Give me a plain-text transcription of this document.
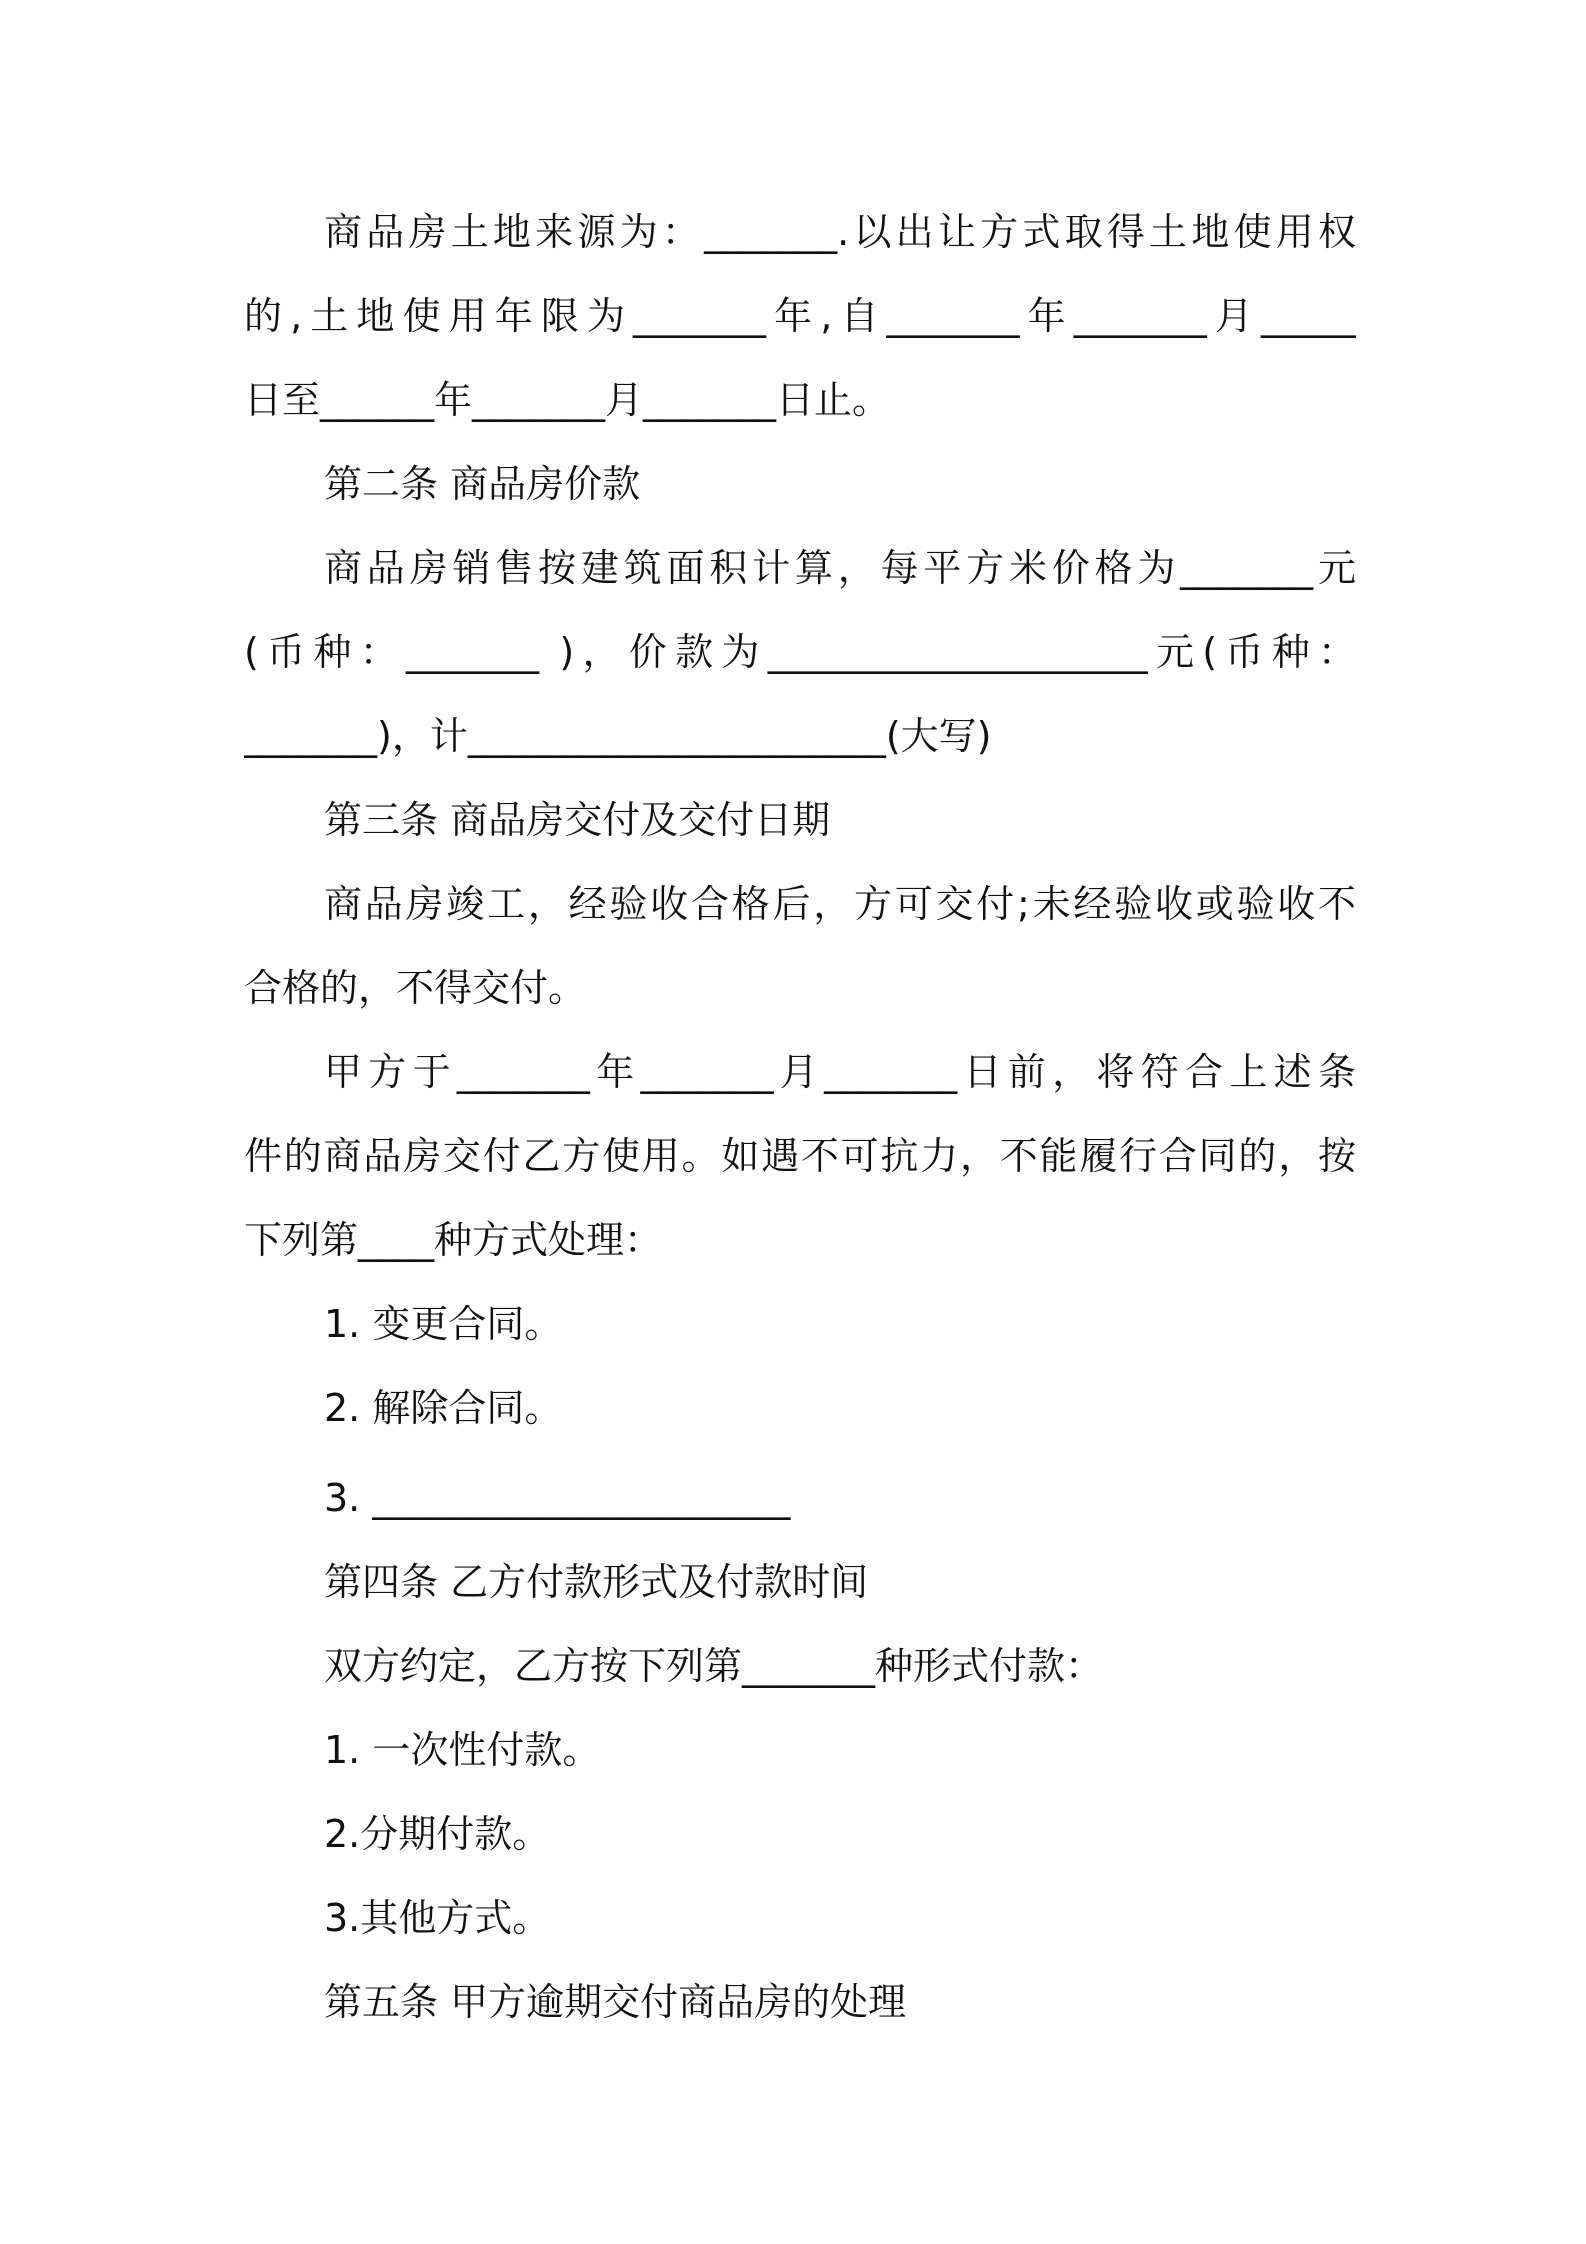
商品房土地来源为：_______.以出让方式取得土地使用权
的,土地使用年限为_______年,自_______年_______月_____
日至______年_______月_______日止。
第二条 商品房价款
商品房销售按建筑面积计算，每平方米价格为_______元
(币种：_______ )，价款为____________________元(币种：
_______)，计______________________(大写)
第三条 商品房交付及交付日期
商品房竣工，经验收合格后，方可交付;未经验收或验收不
合格的，不得交付。
甲方于_______年_______月_______日前，将符合上述条
件的商品房交付乙方使用。如遇不可抗力，不能履行合同的，按
下列第____种方式处理：
1. 变更合同。
2. 解除合同。
3. ______________________
第四条 乙方付款形式及付款时间
双方约定，乙方按下列第_______种形式付款：
1. 一次性付款。
2.分期付款。
3.其他方式。
第五条 甲方逾期交付商品房的处理
